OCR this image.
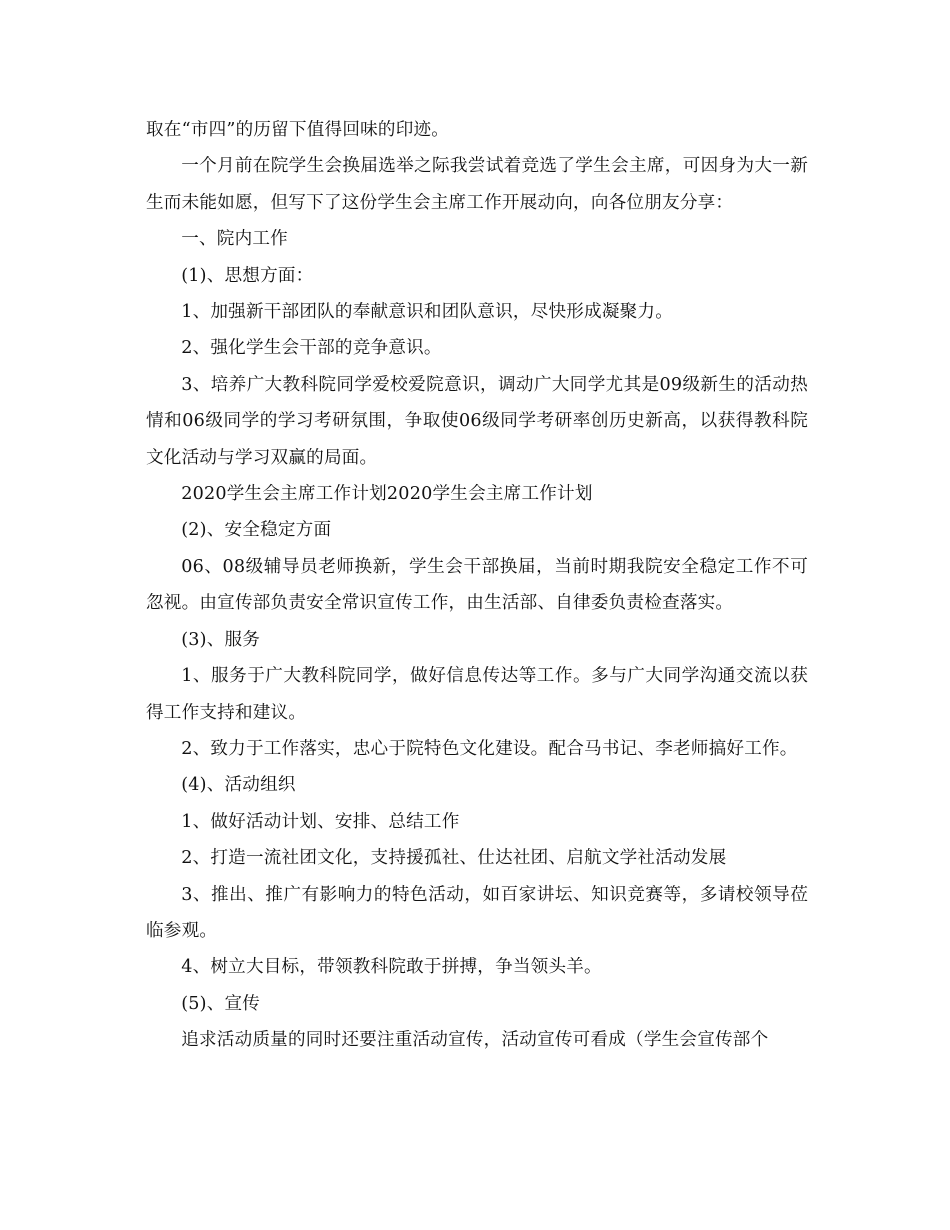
取在“市四”的历留下值得回味的印迹。

一个月前在院学生会换届选举之际我尝试着竞选了学生会主席，可因身为大一新生而未能如愿，但写下了这份学生会主席工作开展动向，向各位朋友分享：

一、院内工作

(1)、思想方面：

1、加强新干部团队的奉献意识和团队意识，尽快形成凝聚力。

2、强化学生会干部的竞争意识。

3、培养广大教科院同学爱校爱院意识，调动广大同学尤其是09级新生的活动热情和06级同学的学习考研氛围，争取使06级同学考研率创历史新高，以获得教科院文化活动与学习双赢的局面。

2020学生会主席工作计划2020学生会主席工作计划

(2)、安全稳定方面

06、08级辅导员老师换新，学生会干部换届，当前时期我院安全稳定工作不可忽视。由宣传部负责安全常识宣传工作，由生活部、自律委负责检查落实。

(3)、服务

1、服务于广大教科院同学，做好信息传达等工作。多与广大同学沟通交流以获得工作支持和建议。

2、致力于工作落实，忠心于院特色文化建设。配合马书记、李老师搞好工作。

(4)、活动组织

1、做好活动计划、安排、总结工作

2、打造一流社团文化，支持援孤社、仕达社团、启航文学社活动发展

3、推出、推广有影响力的特色活动，如百家讲坛、知识竞赛等，多请校领导莅临参观。

4、树立大目标，带领教科院敢于拼搏，争当领头羊。

(5)、宣传

追求活动质量的同时还要注重活动宣传，活动宣传可看成（学生会宣传部个
